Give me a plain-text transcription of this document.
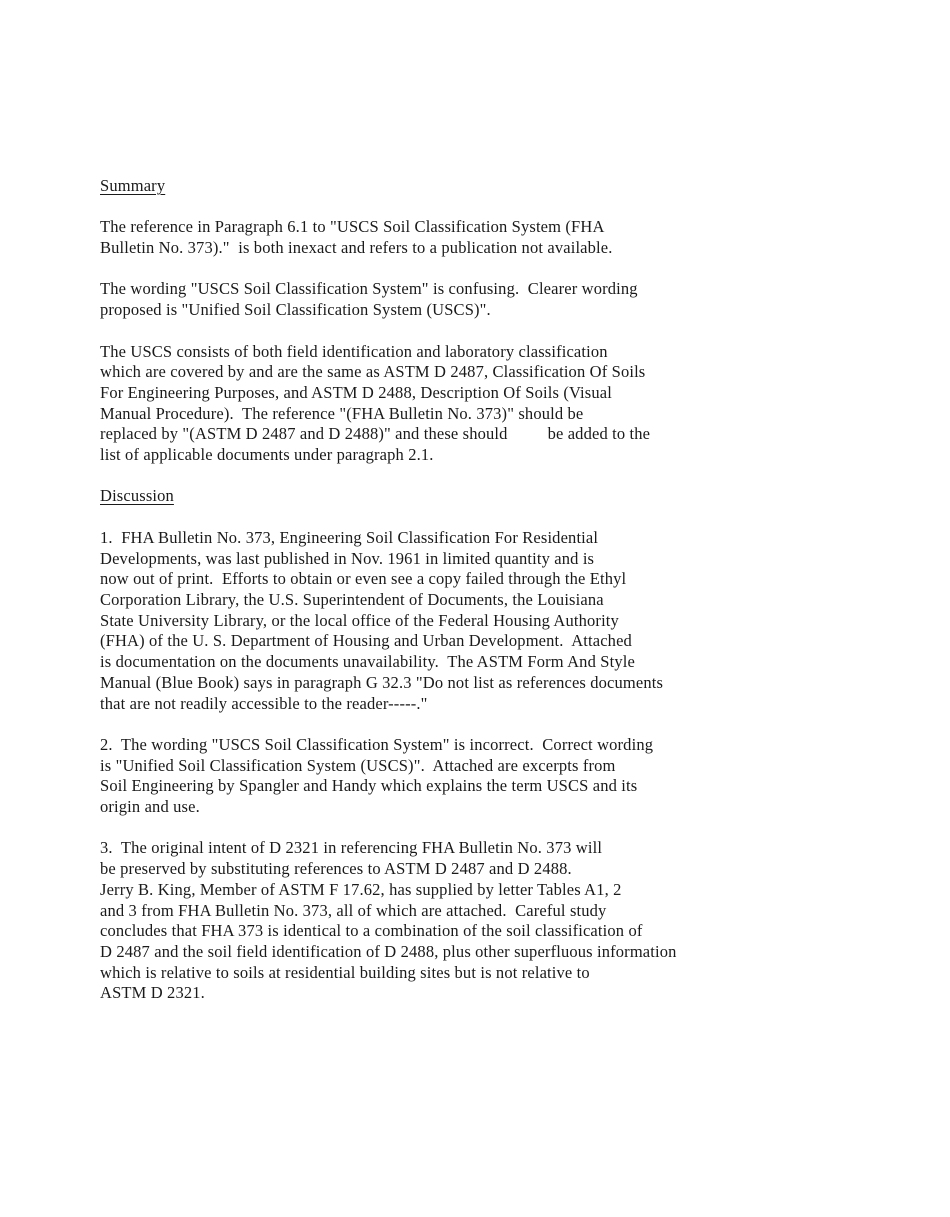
Summary
The reference in Paragraph 6.1 to "USCS Soil Classification System (FHA
Bulletin No. 373)."  is both inexact and refers to a publication not available.
The wording "USCS Soil Classification System" is confusing.  Clearer wording
proposed is "Unified Soil Classification System (USCS)".
The USCS consists of both field identification and laboratory classification
which are covered by and are the same as ASTM D 2487, Classification Of Soils
For Engineering Purposes, and ASTM D 2488, Description Of Soils (Visual
Manual Procedure).  The reference "(FHA Bulletin No. 373)" should be
replaced by "(ASTM D 2487 and D 2488)" and these should be added to the
list of applicable documents under paragraph 2.1.
Discussion
1.  FHA Bulletin No. 373, Engineering Soil Classification For Residential
Developments, was last published in Nov. 1961 in limited quantity and is
now out of print.  Efforts to obtain or even see a copy failed through the Ethyl
Corporation Library, the U.S. Superintendent of Documents, the Louisiana
State University Library, or the local office of the Federal Housing Authority
(FHA) of the U. S. Department of Housing and Urban Development.  Attached
is documentation on the documents unavailability.  The ASTM Form And Style
Manual (Blue Book) says in paragraph G 32.3 "Do not list as references documents
that are not readily accessible to the reader-----."
2.  The wording "USCS Soil Classification System" is incorrect.  Correct wording
is "Unified Soil Classification System (USCS)".  Attached are excerpts from
Soil Engineering by Spangler and Handy which explains the term USCS and its
origin and use.
3.  The original intent of D 2321 in referencing FHA Bulletin No. 373 will
be preserved by substituting references to ASTM D 2487 and D 2488.
Jerry B. King, Member of ASTM F 17.62, has supplied by letter Tables A1, 2
and 3 from FHA Bulletin No. 373, all of which are attached.  Careful study
concludes that FHA 373 is identical to a combination of the soil classification of
D 2487 and the soil field identification of D 2488, plus other superfluous information
which is relative to soils at residential building sites but is not relative to
ASTM D 2321.
